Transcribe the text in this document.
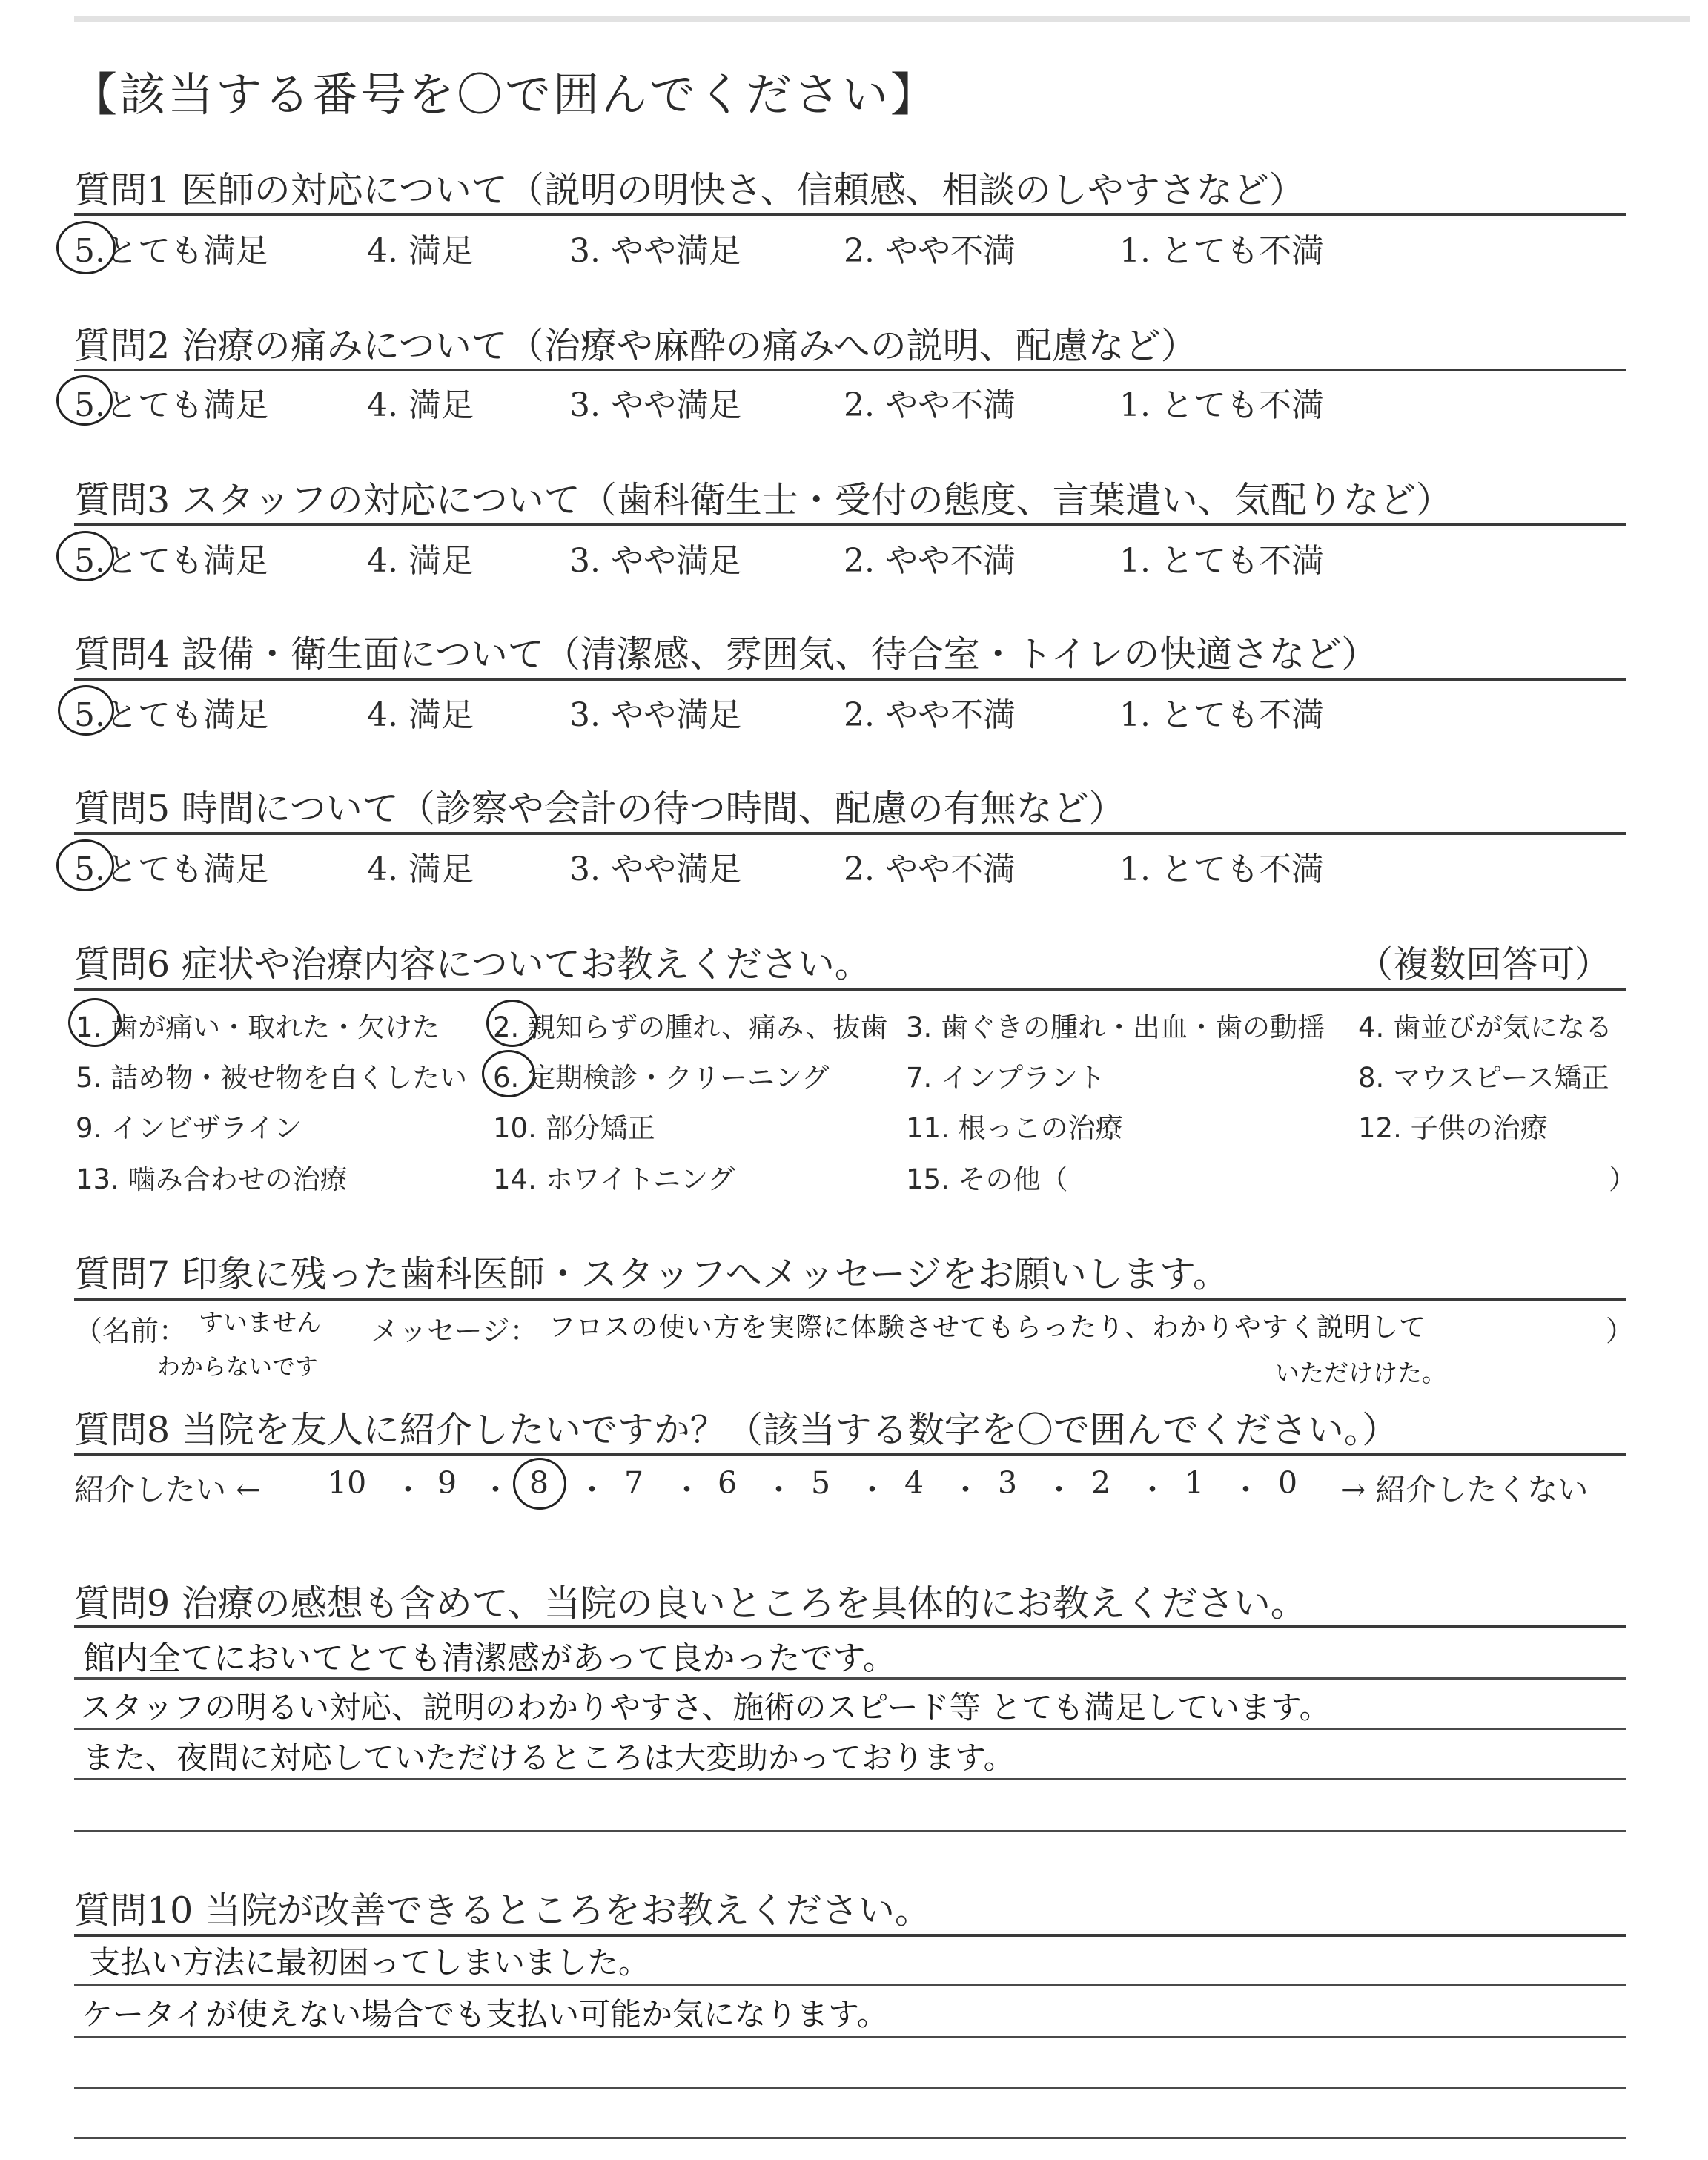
【該当する番号を〇で囲んでください】
質問1 医師の対応について（説明の明快さ、信頼感、相談のしやすさなど）
5.とても満足	4. 満足	3. やや満足	2. やや不満	1. とても不満
質問2 治療の痛みについて（治療や麻酔の痛みへの説明、配慮など）
5.とても満足	4. 満足	3. やや満足	2. やや不満	1. とても不満
質問3 スタッフの対応について（歯科衛生士・受付の態度、言葉遣い、気配りなど）
5.とても満足	4. 満足	3. やや満足	2. やや不満	1. とても不満
質問4 設備・衛生面について（清潔感、雰囲気、待合室・トイレの快適さなど）
5.とても満足	4. 満足	3. やや満足	2. やや不満	1. とても不満
質問5 時間について（診察や会計の待つ時間、配慮の有無など）
5.とても満足	4. 満足	3. やや満足	2. やや不満	1. とても不満
質問6 症状や治療内容についてお教えください。	（複数回答可）
1. 歯が痛い・取れた・欠けた 2. 親知らずの腫れ、痛み、抜歯 3. 歯ぐきの腫れ・出血・歯の動揺 4. 歯並びが気になる
5. 詰め物・被せ物を白くしたい 6. 定期検診・クリーニング	7. インプラント	8. マウスピース矯正
9. インビザライン	10. 部分矯正	11. 根っこの治療	12. 子供の治療
13. 噛み合わせの治療	14. ホワイトニング	15. その他（	）
質問7 印象に残った歯科医師・スタッフへメッセージをお願いします。
（名前： すいません
わからないです
メッセージ： フロスの使い方を実際に体験させてもらったり、わかりやすく説明して
いただけけた。
）
質問8 当院を友人に紹介したいですか？（該当する数字を〇で囲んでください。）
紹介したい ←	→ 紹介したくない
10 ・ 9 ・ 8 ・ 7 ・ 6 ・ 5 ・ 4 ・ 3 ・ 2 ・ 1 ・ 0
質問9 治療の感想も含めて、当院の良いところを具体的にお教えください。
館内全てにおいてとても清潔感があって良かったです。
スタッフの明るい対応、説明のわかりやすさ、施術のスピード等 とても満足しています。
また、夜間に対応していただけるところは大変助かっております。
質問10 当院が改善できるところをお教えください。
支払い方法に最初困ってしまいました。
ケータイが使えない場合でも支払い可能か気になります。
